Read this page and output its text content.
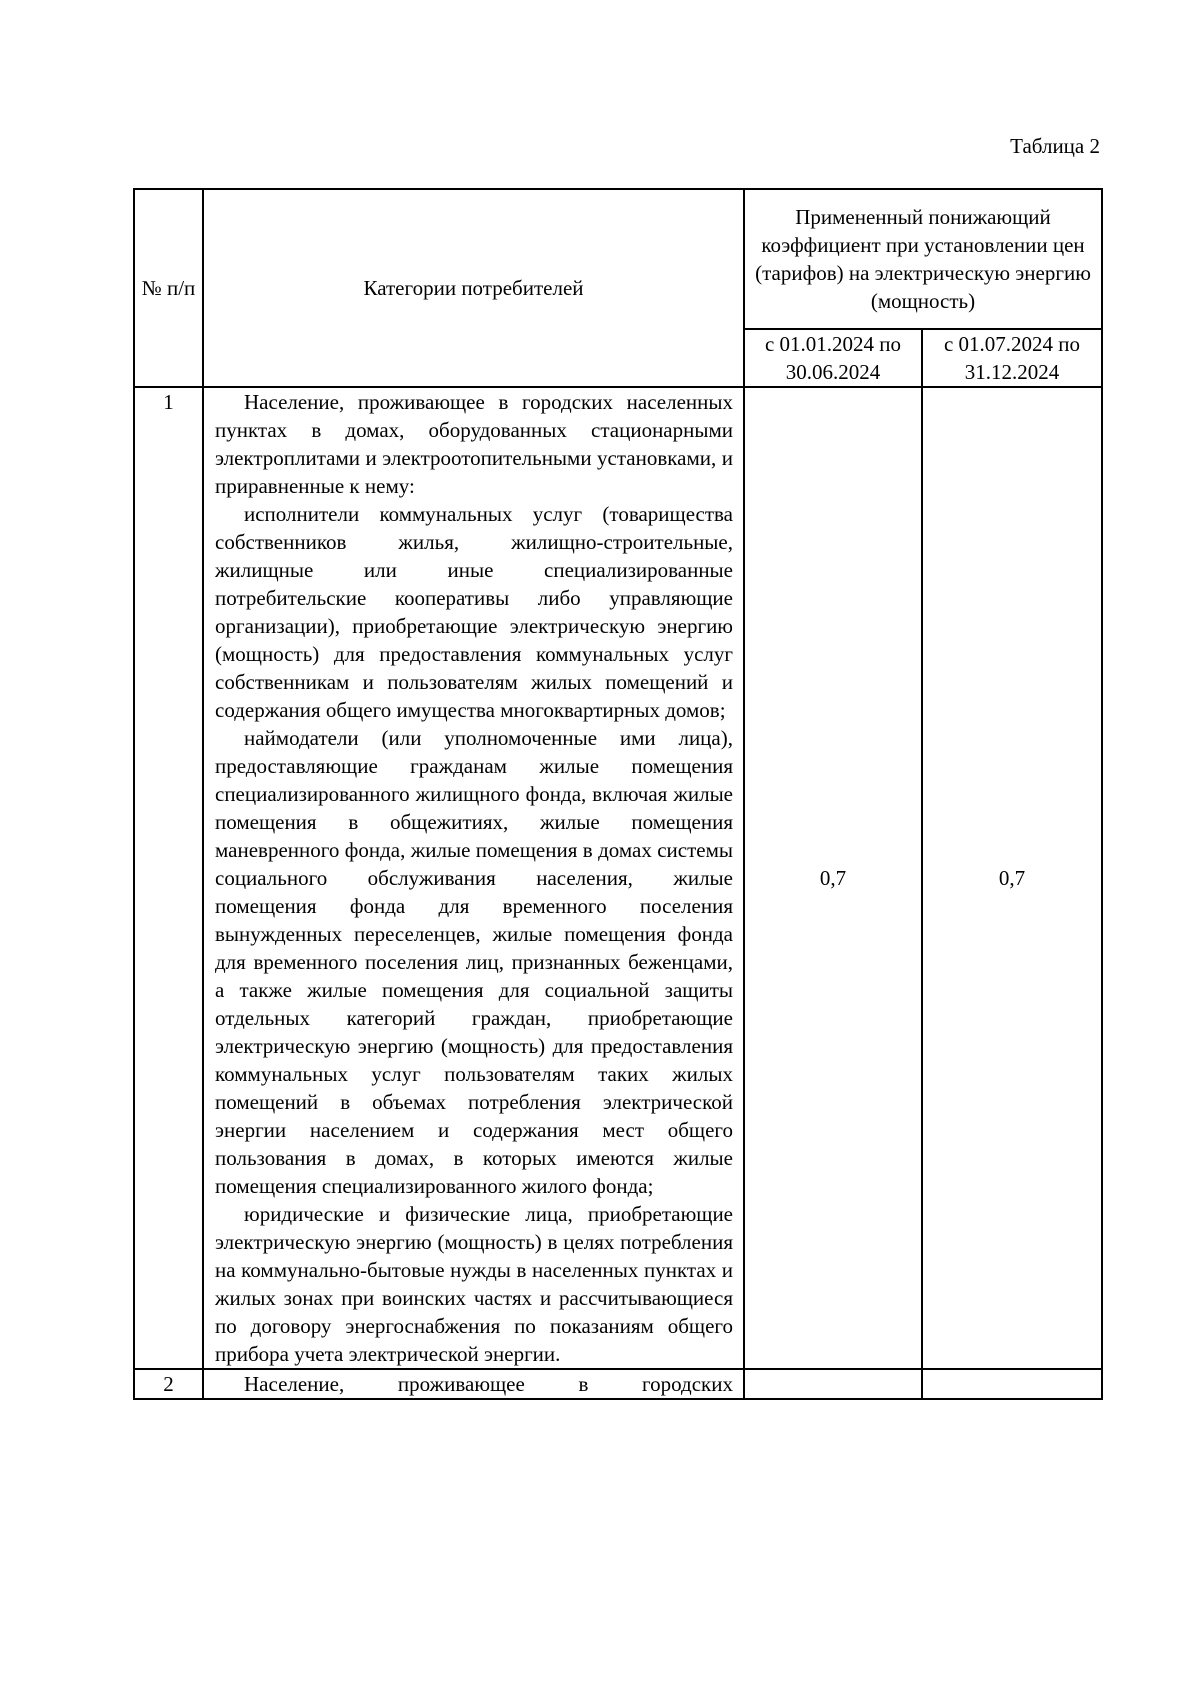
Таблица 2
№ п/п	Категории потребителей	Примененный понижающий коэффициент при установлении цен (тарифов) на электрическую энергию (мощность)	
		с 01.01.2024 по 30.06.2024	с 01.07.2024 по 31.12.2024
1	Население, проживающее в городских населенных пунктах в домах, оборудованных стационарными электроплитами и электроотопительными установками, и приравненные к нему:

исполнители коммунальных услуг (товарищества собственников жилья, жилищно-строительные, жилищные или иные специализированные потребительские кооперативы либо управляющие организации), приобретающие электрическую энергию (мощность) для предоставления коммунальных услуг собственникам и пользователям жилых помещений и содержания общего имущества многоквартирных домов;

наймодатели (или уполномоченные ими лица), предоставляющие гражданам жилые помещения специализированного жилищного фонда, включая жилые помещения в общежитиях, жилые помещения маневренного фонда, жилые помещения в домах системы социального обслуживания населения, жилые помещения фонда для временного поселения вынужденных переселенцев, жилые помещения фонда для временного поселения лиц, признанных беженцами, а также жилые помещения для социальной защиты отдельных категорий граждан, приобретающие электрическую энергию (мощность) для предоставления коммунальных услуг пользователям таких жилых помещений в объемах потребления электрической энергии населением и содержания мест общего пользования в домах, в которых имеются жилые помещения специализированного жилого фонда;

юридические и физические лица, приобретающие электрическую энергию (мощность) в целях потребления на коммунально-бытовые нужды в населенных пунктах и жилых зонах при воинских частях и рассчитывающиеся по договору энергоснабжения по показаниям общего прибора учета электрической энергии.	0,7	0,7
2	Население, проживающее в городских		
